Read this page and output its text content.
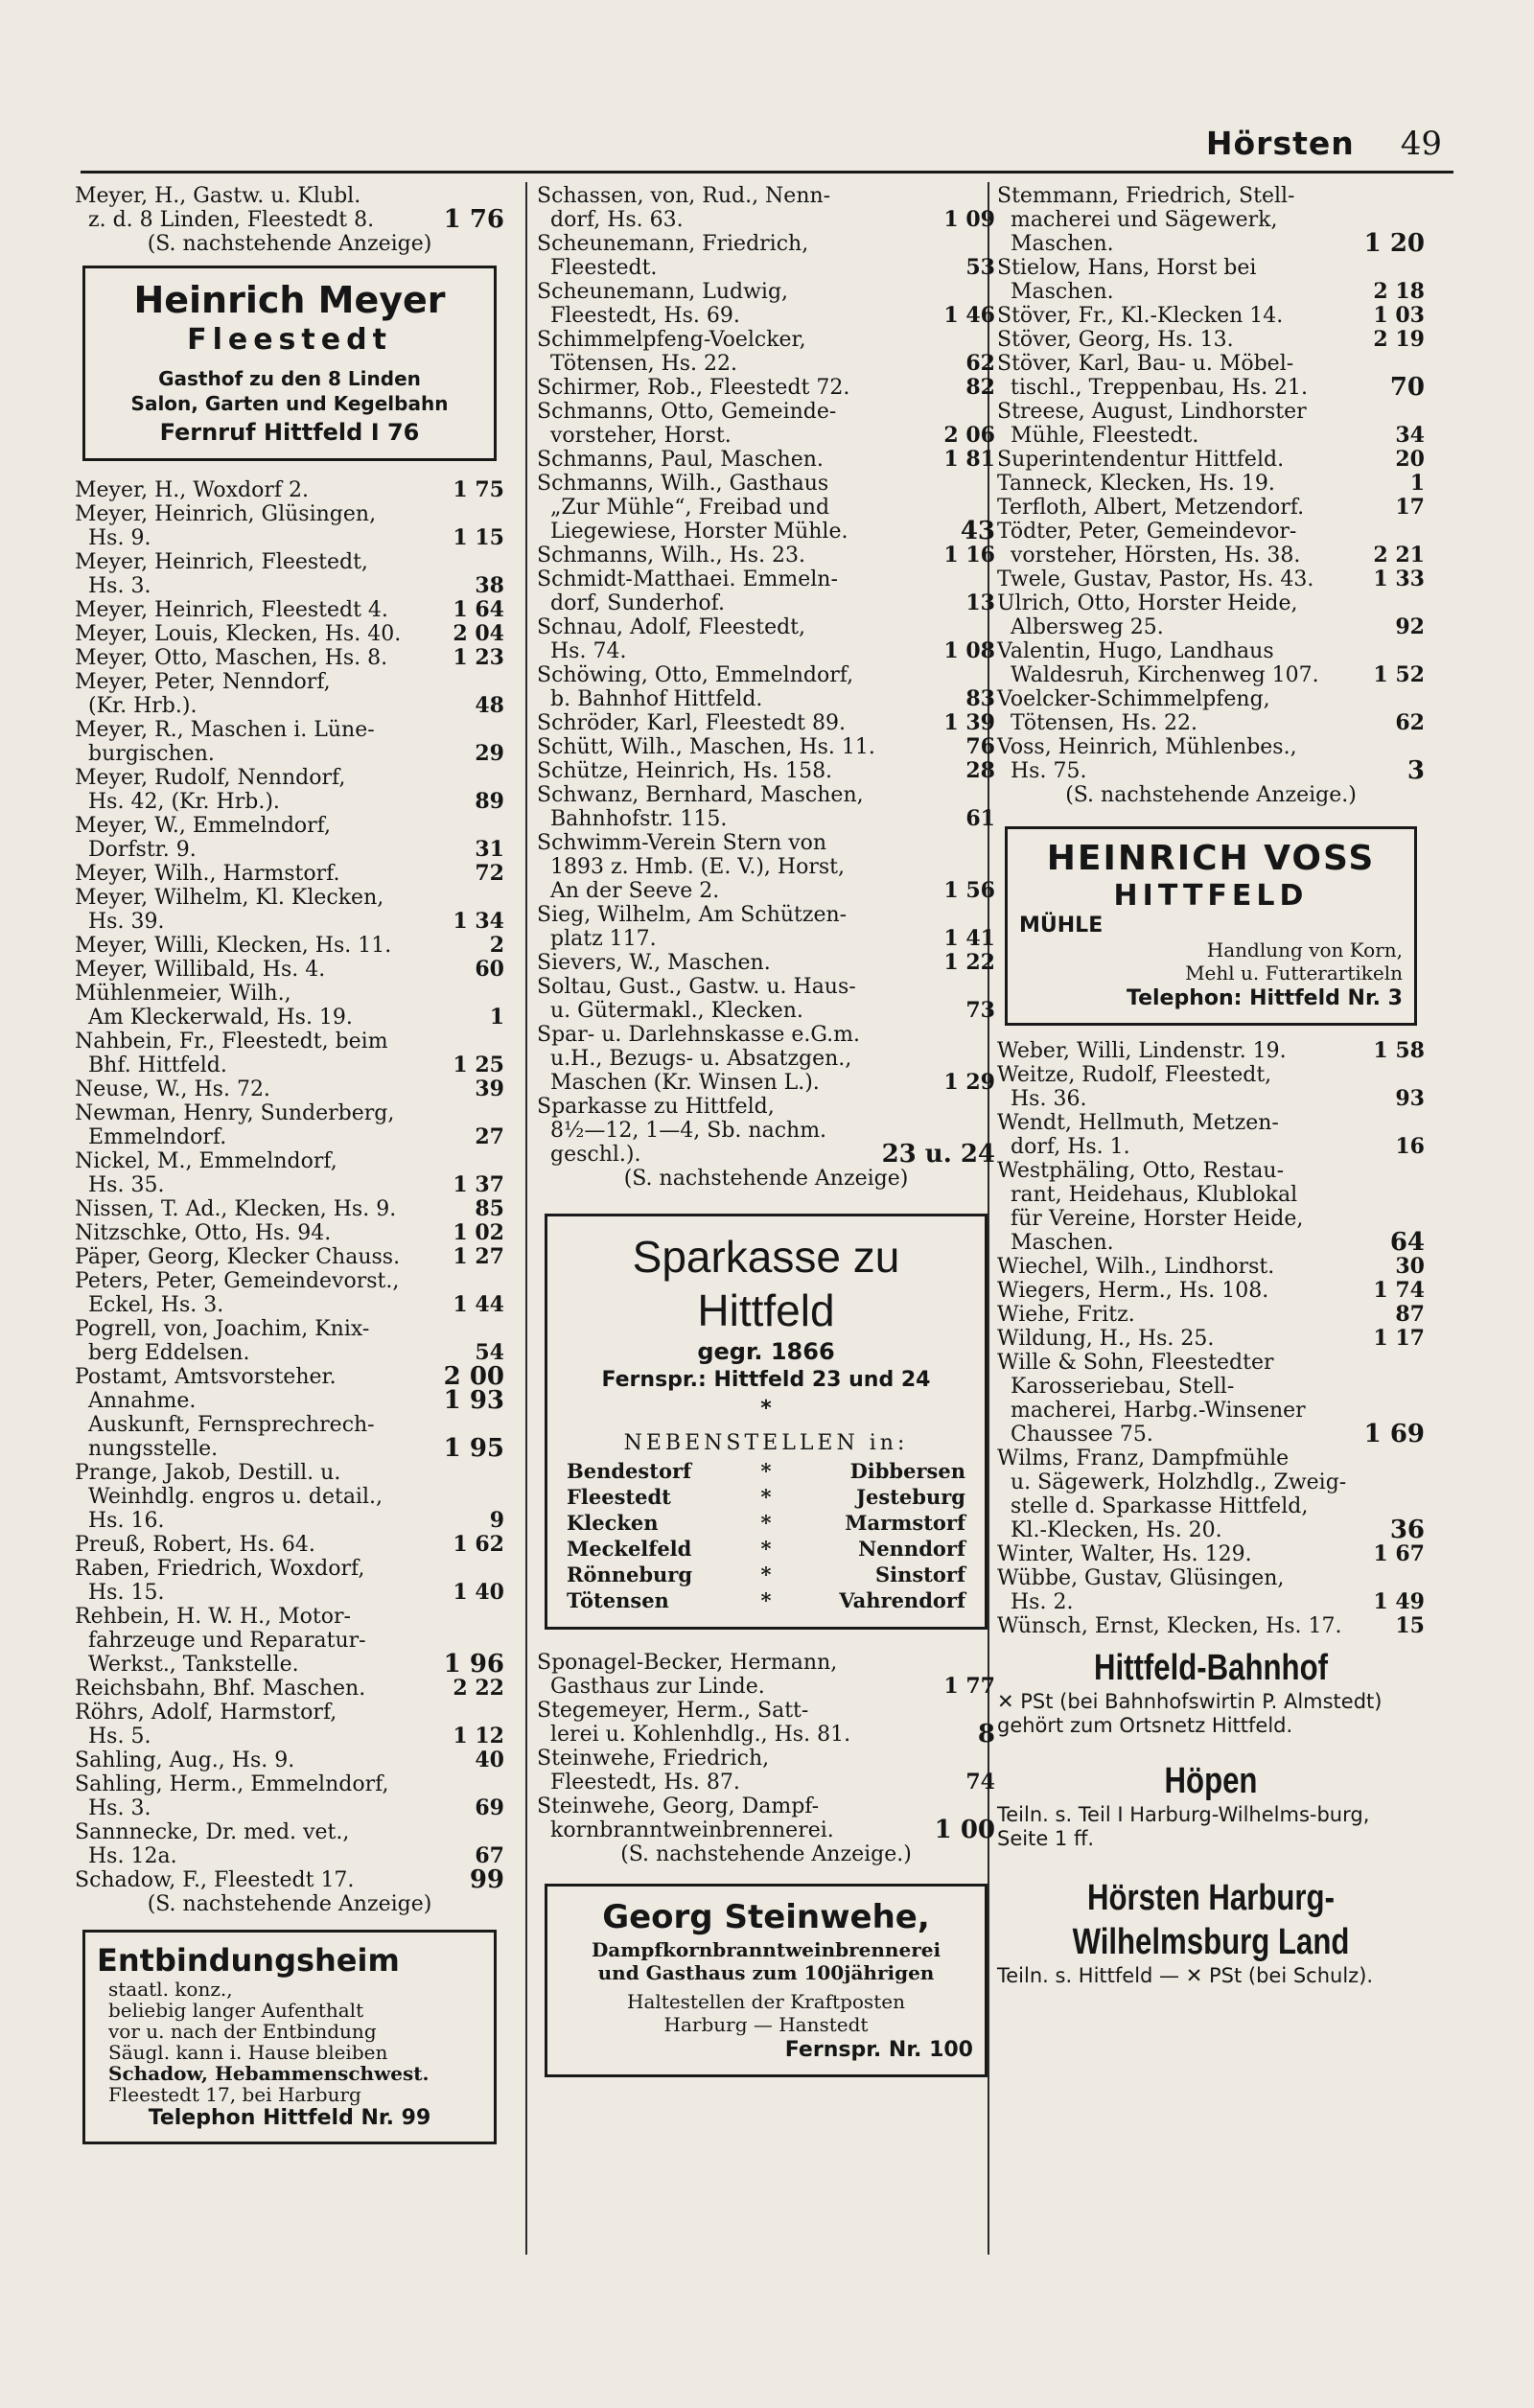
Hörsten 49
Meyer, H., Gastw. u. Klubl.
z. d. 8 Linden, Fleestedt 8.	1 76
(S. nachstehende Anzeige)
Heinrich Meyer
Fleestedt
Gasthof zu den 8 Linden
Salon, Garten und Kegelbahn
Fernruf Hittfeld I 76
Meyer, H., Woxdorf 2.	1 75
Meyer, Heinrich, Glüsingen,
Hs. 9.	1 15
Meyer, Heinrich, Fleestedt,
Hs. 3.	38
Meyer, Heinrich, Fleestedt 4.	1 64
Meyer, Louis, Klecken, Hs. 40.	2 04
Meyer, Otto, Maschen, Hs. 8.	1 23
Meyer, Peter, Nenndorf,
(Kr. Hrb.).	48
Meyer, R., Maschen i. Lüne-
burgischen.	29
Meyer, Rudolf, Nenndorf,
Hs. 42, (Kr. Hrb.).	89
Meyer, W., Emmelndorf,
Dorfstr. 9.	31
Meyer, Wilh., Harmstorf.	72
Meyer, Wilhelm, Kl. Klecken,
Hs. 39.	1 34
Meyer, Willi, Klecken, Hs. 11.	2
Meyer, Willibald, Hs. 4.	60
Mühlenmeier, Wilh.,
Am Kleckerwald, Hs. 19.	1
Nahbein, Fr., Fleestedt, beim
Bhf. Hittfeld.	1 25
Neuse, W., Hs. 72.	39
Newman, Henry, Sunderberg,
Emmelndorf.	27
Nickel, M., Emmelndorf,
Hs. 35.	1 37
Nissen, T. Ad., Klecken, Hs. 9.	85
Nitzschke, Otto, Hs. 94.	1 02
Päper, Georg, Klecker Chauss.	1 27
Peters, Peter, Gemeindevorst.,
Eckel, Hs. 3.	1 44
Pogrell, von, Joachim, Knix-
berg Eddelsen.	54
Postamt, Amtsvorsteher.	2 00
Annahme.	1 93
Auskunft, Fernsprechrech-
nungsstelle.	1 95
Prange, Jakob, Destill. u.
Weinhdlg. engros u. detail.,
Hs. 16.	9
Preuß, Robert, Hs. 64.	1 62
Raben, Friedrich, Woxdorf,
Hs. 15.	1 40
Rehbein, H. W. H., Motor-
fahrzeuge und Reparatur-
Werkst., Tankstelle.	1 96
Reichsbahn, Bhf. Maschen.	2 22
Röhrs, Adolf, Harmstorf,
Hs. 5.	1 12
Sahling, Aug., Hs. 9.	40
Sahling, Herm., Emmelndorf,
Hs. 3.	69
Sannnecke, Dr. med. vet.,
Hs. 12a.	67
Schadow, F., Fleestedt 17.	99
(S. nachstehende Anzeige)
Entbindungsheim
staatl. konz.,
beliebig langer Aufenthalt
vor u. nach der Entbindung
Säugl. kann i. Hause bleiben
Schadow, Hebammenschwest.
Fleestedt 17, bei Harburg
Telephon Hittfeld Nr. 99
Schassen, von, Rud., Nenn-
dorf, Hs. 63.	1 09
Scheunemann, Friedrich,
Fleestedt.	53
Scheunemann, Ludwig,
Fleestedt, Hs. 69.	1 46
Schimmelpfeng-Voelcker,
Tötensen, Hs. 22.	62
Schirmer, Rob., Fleestedt 72.	82
Schmanns, Otto, Gemeinde-
vorsteher, Horst.	2 06
Schmanns, Paul, Maschen.	1 81
Schmanns, Wilh., Gasthaus
„Zur Mühle“, Freibad und
Liegewiese, Horster Mühle.	43
Schmanns, Wilh., Hs. 23.	1 16
Schmidt-Matthaei. Emmeln-
dorf, Sunderhof.	13
Schnau, Adolf, Fleestedt,
Hs. 74.	1 08
Schöwing, Otto, Emmelndorf,
b. Bahnhof Hittfeld.	83
Schröder, Karl, Fleestedt 89.	1 39
Schütt, Wilh., Maschen, Hs. 11.	76
Schütze, Heinrich, Hs. 158.	28
Schwanz, Bernhard, Maschen,
Bahnhofstr. 115.	61
Schwimm-Verein Stern von
1893 z. Hmb. (E. V.), Horst,
An der Seeve 2.	1 56
Sieg, Wilhelm, Am Schützen-
platz 117.	1 41
Sievers, W., Maschen.	1 22
Soltau, Gust., Gastw. u. Haus-
u. Gütermakl., Klecken.	73
Spar- u. Darlehnskasse e.G.m.
u.H., Bezugs- u. Absatzgen.,
Maschen (Kr. Winsen L.).	1 29
Sparkasse zu Hittfeld,
8½—12, 1—4, Sb. nachm.
geschl.).	23 u. 24
(S. nachstehende Anzeige)
Sparkasse zu Hittfeld
gegr. 1866
Fernspr.: Hittfeld 23 und 24
*
NEBENSTELLEN in:
Bendestorf	*	Dibbersen
Fleestedt	*	Jesteburg
Klecken	*	Marmstorf
Meckelfeld	*	Nenndorf
Rönneburg	*	Sinstorf
Tötensen	*	Vahrendorf
Sponagel-Becker, Hermann,
Gasthaus zur Linde.	1 77
Stegemeyer, Herm., Satt-
lerei u. Kohlenhdlg., Hs. 81.	8
Steinwehe, Friedrich,
Fleestedt, Hs. 87.	74
Steinwehe, Georg, Dampf-
kornbranntweinbrennerei.	1 00
(S. nachstehende Anzeige.)
Georg Steinwehe,
Dampfkornbranntweinbrennerei
und Gasthaus zum 100jährigen
Haltestellen der Kraftposten
Harburg — Hanstedt
Fernspr. Nr. 100
Stemmann, Friedrich, Stell-
macherei und Sägewerk,
Maschen.	1 20
Stielow, Hans, Horst bei
Maschen.	2 18
Stöver, Fr., Kl.-Klecken 14.	1 03
Stöver, Georg, Hs. 13.	2 19
Stöver, Karl, Bau- u. Möbel-
tischl., Treppenbau, Hs. 21.	70
Streese, August, Lindhorster
Mühle, Fleestedt.	34
Superintendentur Hittfeld.	20
Tanneck, Klecken, Hs. 19.	1
Terfloth, Albert, Metzendorf.	17
Tödter, Peter, Gemeindevor-
vorsteher, Hörsten, Hs. 38.	2 21
Twele, Gustav, Pastor, Hs. 43.	1 33
Ulrich, Otto, Horster Heide,
Albersweg 25.	92
Valentin, Hugo, Landhaus
Waldesruh, Kirchenweg 107.	1 52
Voelcker-Schimmelpfeng,
Tötensen, Hs. 22.	62
Voss, Heinrich, Mühlenbes.,
Hs. 75.	3
(S. nachstehende Anzeige.)
HEINRICH VOSS
HITTFELD
MÜHLE
Handlung von Korn,
Mehl u. Futterartikeln
Telephon: Hittfeld Nr. 3
Weber, Willi, Lindenstr. 19.	1 58
Weitze, Rudolf, Fleestedt,
Hs. 36.	93
Wendt, Hellmuth, Metzen-
dorf, Hs. 1.	16
Westphäling, Otto, Restau-
rant, Heidehaus, Klublokal
für Vereine, Horster Heide,
Maschen.	64
Wiechel, Wilh., Lindhorst.	30
Wiegers, Herm., Hs. 108.	1 74
Wiehe, Fritz.	87
Wildung, H., Hs. 25.	1 17
Wille & Sohn, Fleestedter
Karosseriebau, Stell-
macherei, Harbg.-Winsener
Chaussee 75.	1 69
Wilms, Franz, Dampfmühle
u. Sägewerk, Holzhdlg., Zweig-
stelle d. Sparkasse Hittfeld,
Kl.-Klecken, Hs. 20.	36
Winter, Walter, Hs. 129.	1 67
Wübbe, Gustav, Glüsingen,
Hs. 2.	1 49
Wünsch, Ernst, Klecken, Hs. 17.	15
Hittfeld-Bahnhof
✕ PSt (bei Bahnhofswirtin P. Almstedt) gehört zum Ortsnetz Hittfeld.
Höpen
Teiln. s. Teil I Harburg-Wilhelms-burg, Seite 1 ff.
Hörsten Harburg-
Wilhelmsburg Land
Teiln. s. Hittfeld — ✕ PSt (bei Schulz).
